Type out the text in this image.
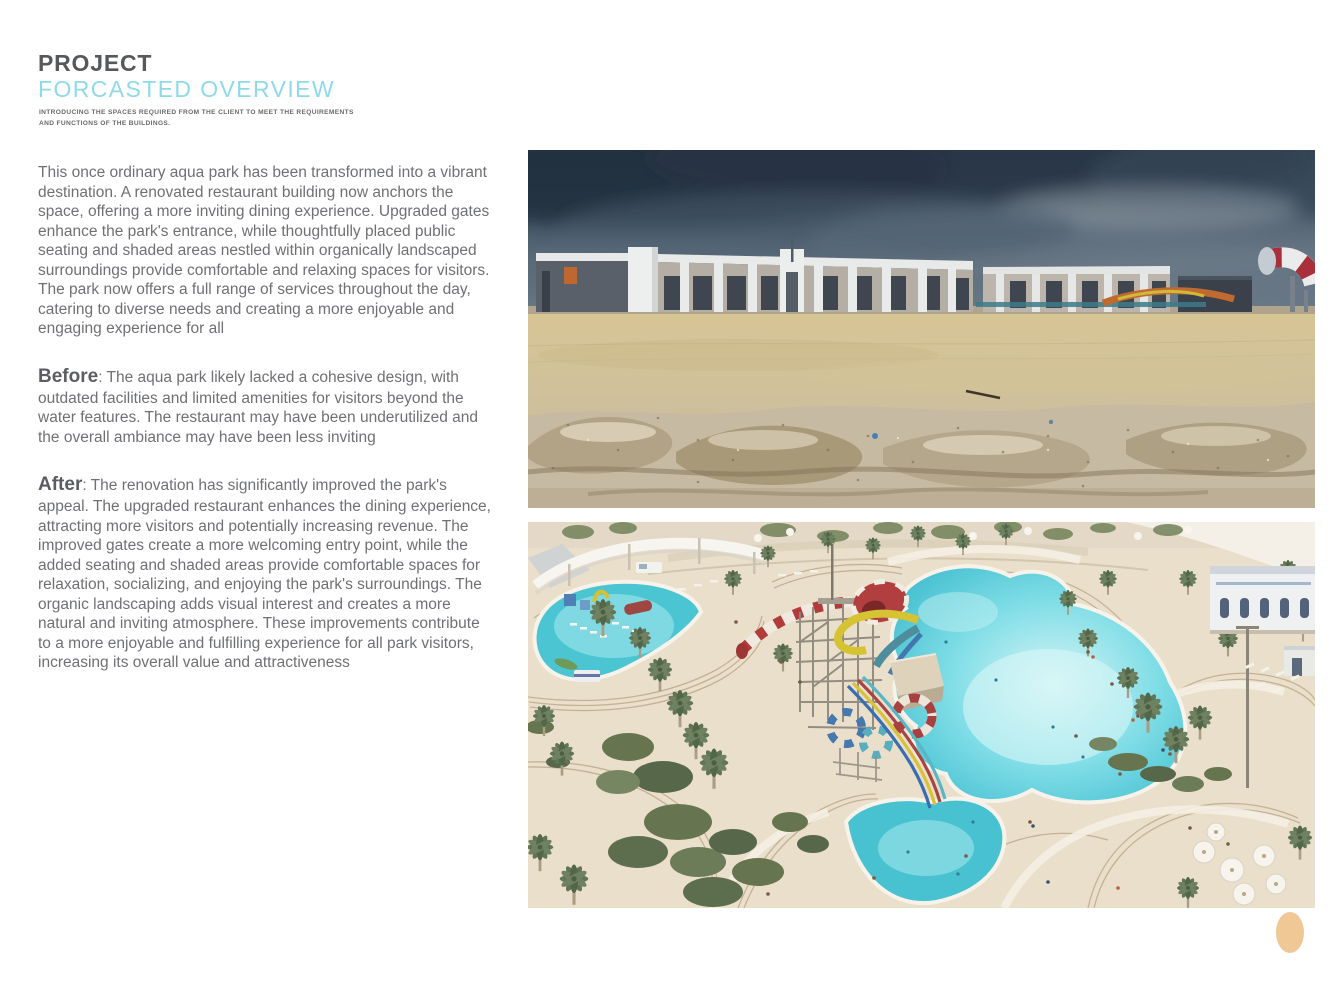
PROJECT
FORCASTED OVERVIEW

INTRODUCING THE SPACES REQUIRED FROM THE CLIENT TO MEET THE REQUIREMENTS
AND FUNCTIONS OF THE BUILDINGS.

This once ordinary aqua park has been transformed into a vibrant destination. A renovated restaurant building now anchors the space, offering a more inviting dining experience. Upgraded gates enhance the park's entrance, while thoughtfully placed public seating and shaded areas nestled within organically landscaped surroundings provide comfortable and relaxing spaces for visitors. The park now offers a full range of services throughout the day, catering to diverse needs and creating a more enjoyable and engaging experience for all

Before: The aqua park likely lacked a cohesive design, with outdated facilities and limited amenities for visitors beyond the water features. The restaurant may have been underutilized and the overall ambiance may have been less inviting

After: The renovation has significantly improved the park's appeal. The upgraded restaurant enhances the dining experience, attracting more visitors and potentially increasing revenue. The improved gates create a more welcoming entry point, while the added seating and shaded areas provide comfortable spaces for relaxation, socializing, and enjoying the park's surroundings. The organic landscaping adds visual interest and creates a more natural and inviting atmosphere. These improvements contribute to a more enjoyable and fulfilling experience for all park visitors, increasing its overall value and attractiveness
